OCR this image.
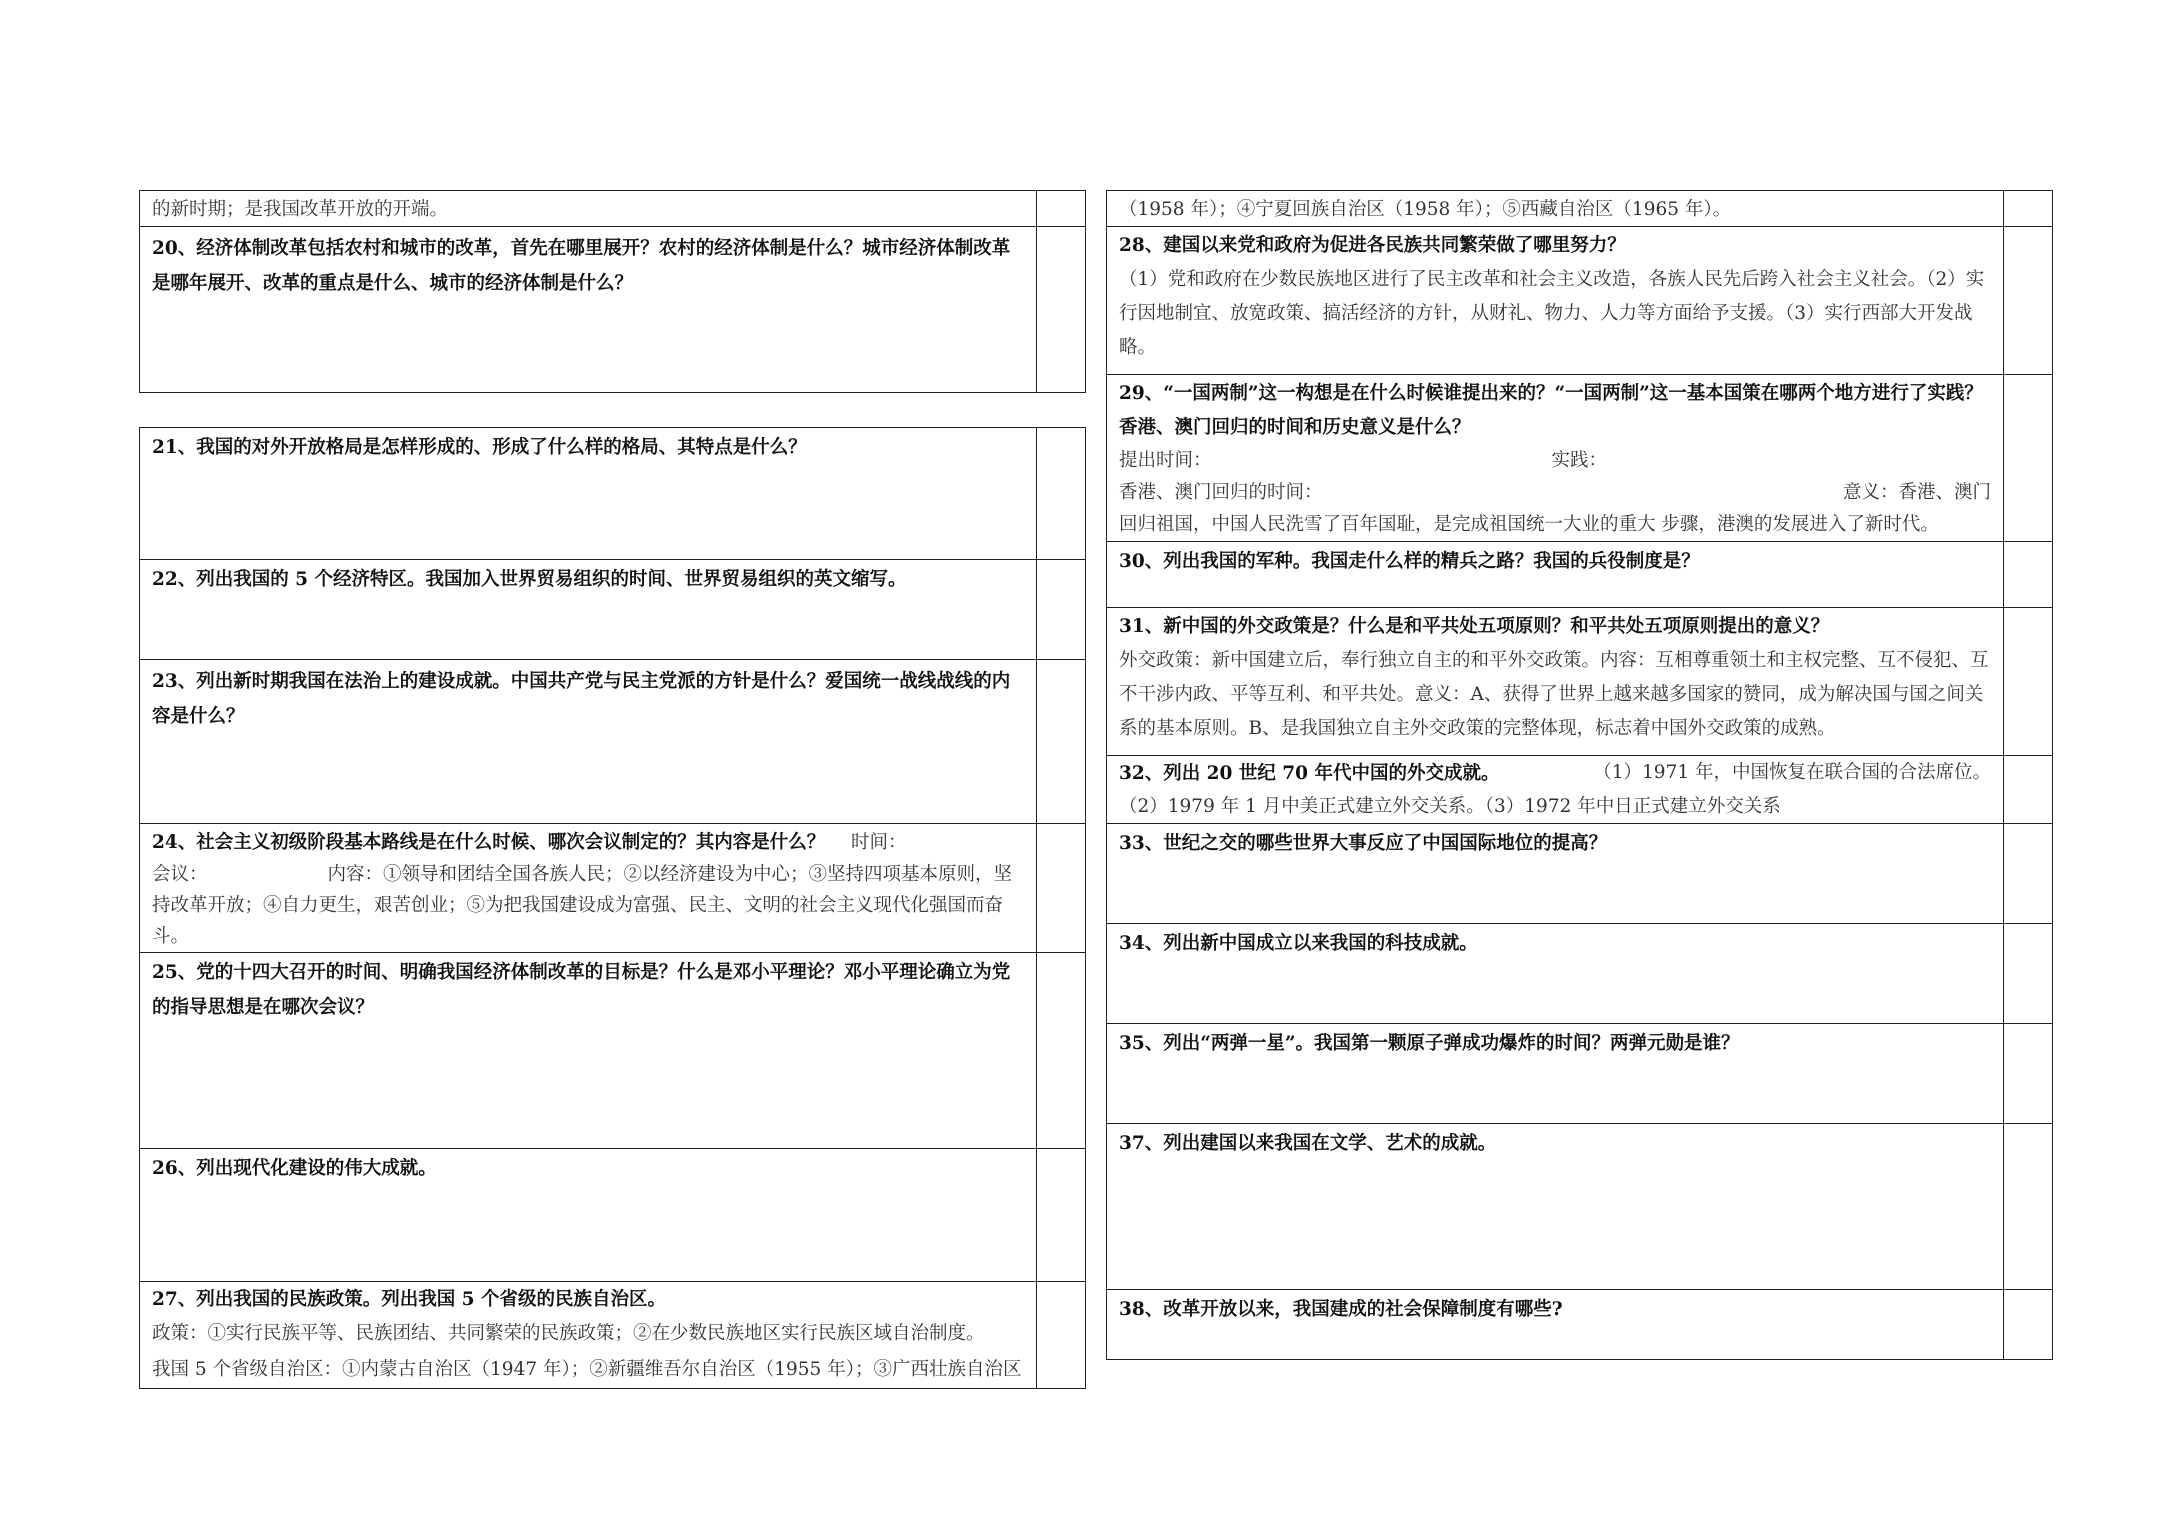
的新时期；是我国改革开放的开端。	

20、经济体制改革包括农村和城市的改革，首先在哪里展开？农村的经济体制是什么？城市经济体制改革是哪年展开、改革的重点是什么、城市的经济体制是什么？	

21、我国的对外开放格局是怎样形成的、形成了什么样的格局、其特点是什么？	

22、列出我国的 5 个经济特区。我国加入世界贸易组织的时间、世界贸易组织的英文缩写。	

23、列出新时期我国在法治上的建设成就。中国共产党与民主党派的方针是什么？爱国统一战线战线的内容是什么？	

24、社会主义初级阶段基本路线是在什么时候、哪次会议制定的？其内容是什么？ 时间：
会议： 内容：①领导和团结全国各族人民；②以经济建设为中心；③坚持四项基本原则，坚持改革开放；④自力更生，艰苦创业；⑤为把我国建设成为富强、民主、文明的社会主义现代化强国而奋斗。	

25、党的十四大召开的时间、明确我国经济体制改革的目标是？什么是邓小平理论？邓小平理论确立为党的指导思想是在哪次会议？	

26、列出现代化建设的伟大成就。	

27、列出我国的民族政策。列出我国 5 个省级的民族自治区。
政策：①实行民族平等、民族团结、共同繁荣的民族政策；②在少数民族地区实行民族区域自治制度。
我国 5 个省级自治区：①内蒙古自治区（1947 年）；②新疆维吾尔自治区（1955 年）；③广西壮族自治区	

（1958 年）；④宁夏回族自治区（1958 年）；⑤西藏自治区（1965 年）。	

28、建国以来党和政府为促进各民族共同繁荣做了哪里努力？
（1）党和政府在少数民族地区进行了民主改革和社会主义改造，各族人民先后跨入社会主义社会。（2）实行因地制宜、放宽政策、搞活经济的方针，从财礼、物力、人力等方面给予支援。（3）实行西部大开发战略。	

29、“一国两制”这一构想是在什么时候谁提出来的？“一国两制”这一基本国策在哪两个地方进行了实践？香港、澳门回归的时间和历史意义是什么？
提出时间： 实践：
香港、澳门回归的时间： 意义：香港、澳门
回归祖国，中国人民洗雪了百年国耻，是完成祖国统一大业的重大 步骤，港澳的发展进入了新时代。	

30、列出我国的军种。我国走什么样的精兵之路？我国的兵役制度是？	

31、新中国的外交政策是？什么是和平共处五项原则？和平共处五项原则提出的意义？
外交政策：新中国建立后，奉行独立自主的和平外交政策。内容：互相尊重领土和主权完整、互不侵犯、互不干涉内政、平等互利、和平共处。意义：A、获得了世界上越来越多国家的赞同，成为解决国与国之间关系的基本原则。B、是我国独立自主外交政策的完整体现，标志着中国外交政策的成熟。	

32、列出 20 世纪 70 年代中国的外交成就。 （1）1971 年，中国恢复在联合国的合法席位。
（2）1979 年 1 月中美正式建立外交关系。（3）1972 年中日正式建立外交关系	

33、世纪之交的哪些世界大事反应了中国国际地位的提高？	

34、列出新中国成立以来我国的科技成就。	

35、列出“两弹一星”。我国第一颗原子弹成功爆炸的时间？两弹元勋是谁？	

37、列出建国以来我国在文学、艺术的成就。	

38、改革开放以来，我国建成的社会保障制度有哪些?	
